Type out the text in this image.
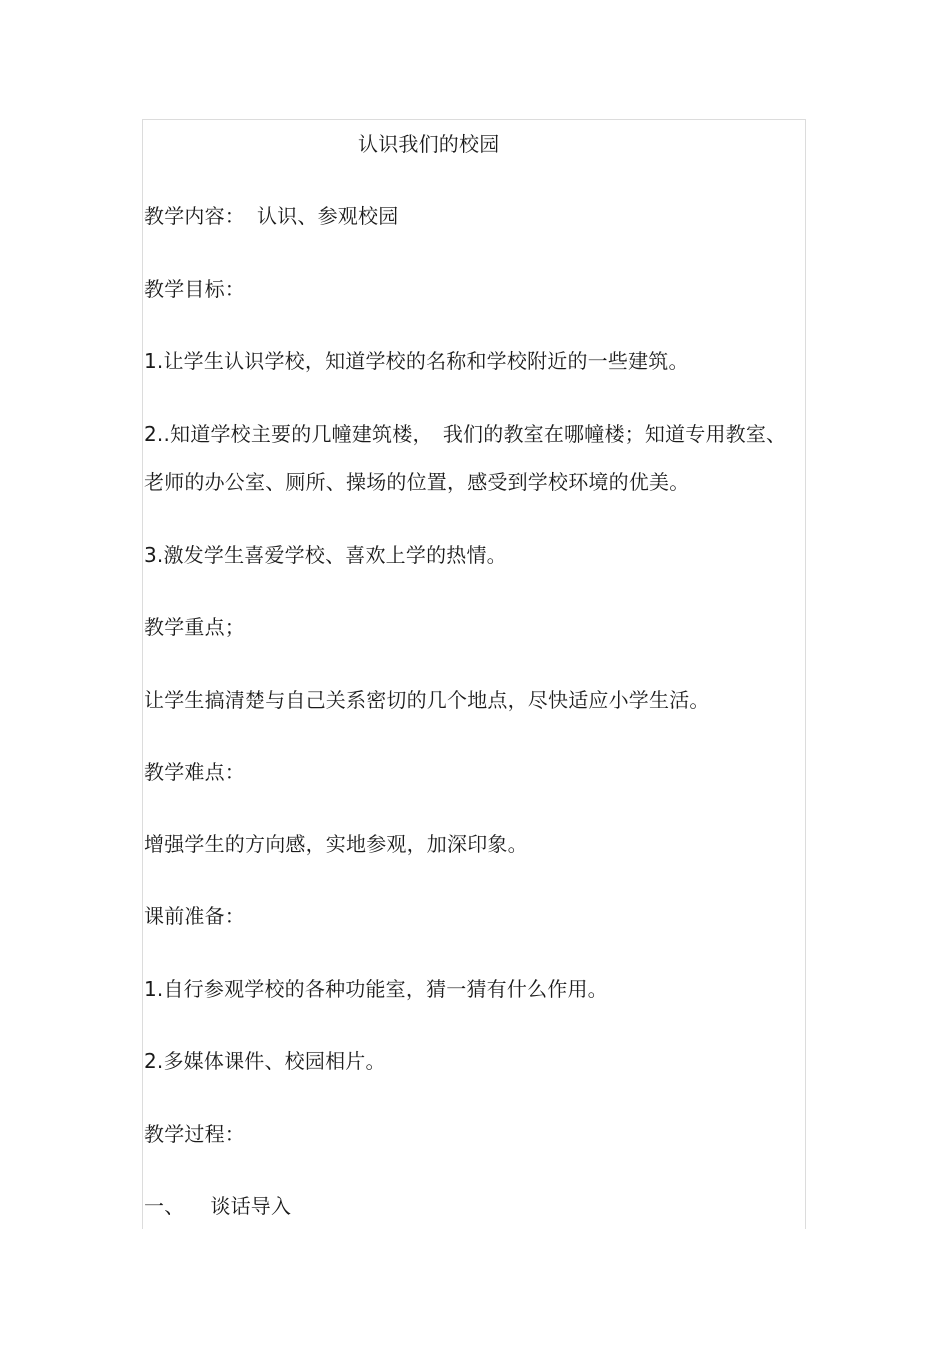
认识我们的校园
教学内容： 认识、参观校园
教学目标：
1.让学生认识学校，知道学校的名称和学校附近的一些建筑。
2..知道学校主要的几幢建筑楼，　我们的教室在哪幢楼；知道专用教室、
老师的办公室、厕所、操场的位置，感受到学校环境的优美。
3.激发学生喜爱学校、喜欢上学的热情。
教学重点；
让学生搞清楚与自己关系密切的几个地点，尽快适应小学生活。
教学难点：
增强学生的方向感，实地参观，加深印象。
课前准备：
1.自行参观学校的各种功能室，猜一猜有什么作用。
2.多媒体课件、校园相片。
教学过程：
一、 谈话导入
